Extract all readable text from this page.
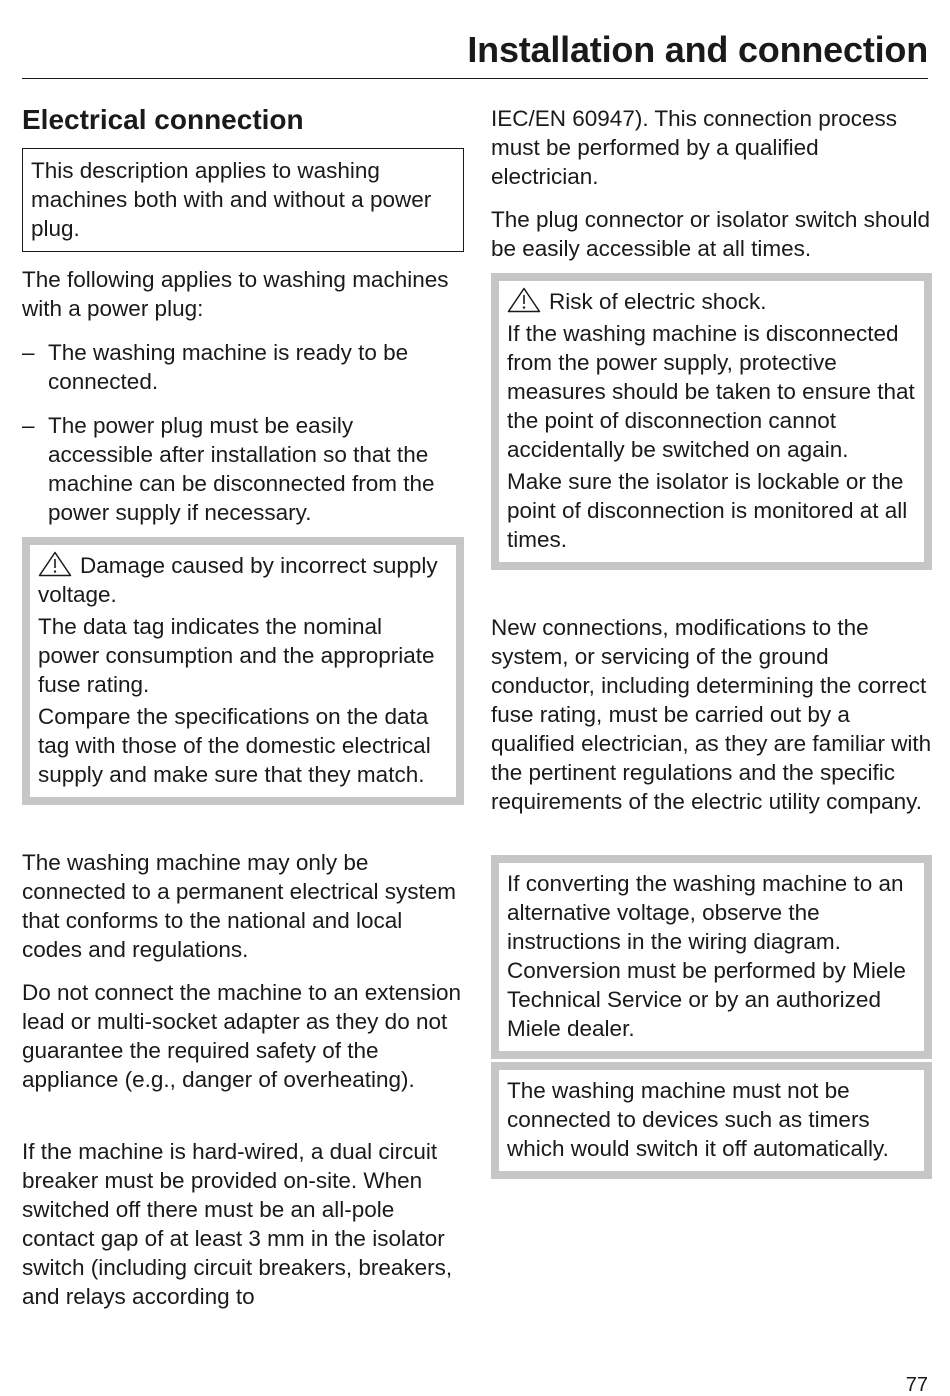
Installation and connection
Electrical connection

This description applies to washing machines both with and without a power plug.

The following applies to washing machines with a power plug:

– The washing machine is ready to be connected.

– The power plug must be easily accessible after installation so that the machine can be disconnected from the power supply if necessary.

Damage caused by incorrect supply voltage.

The data tag indicates the nominal power consumption and the appropriate fuse rating.

Compare the specifications on the data tag with those of the domestic electrical supply and make sure that they match.

The washing machine may only be connected to a permanent electrical system that conforms to the national and local codes and regulations.

Do not connect the machine to an extension lead or multi-socket adapter as they do not guarantee the required safety of the appliance (e.g., danger of overheating).

If the machine is hard-wired, a dual circuit breaker must be provided on-site. When switched off there must be an all-pole contact gap of at least 3 mm in the isolator switch (including circuit breakers, breakers, and relays according to

IEC/EN 60947). This connection process must be performed by a qualified electrician.

The plug connector or isolator switch should be easily accessible at all times.

Risk of electric shock.

If the washing machine is disconnected from the power supply, protective measures should be taken to ensure that the point of disconnection cannot accidentally be switched on again.

Make sure the isolator is lockable or the point of disconnection is monitored at all times.

New connections, modifications to the system, or servicing of the ground conductor, including determining the correct fuse rating, must be carried out by a qualified electrician, as they are familiar with the pertinent regulations and the specific requirements of the electric utility company.

If converting the washing machine to an alternative voltage, observe the instructions in the wiring diagram. Conversion must be performed by Miele Technical Service or by an authorized Miele dealer.

The washing machine must not be connected to devices such as timers which would switch it off automatically.

77
